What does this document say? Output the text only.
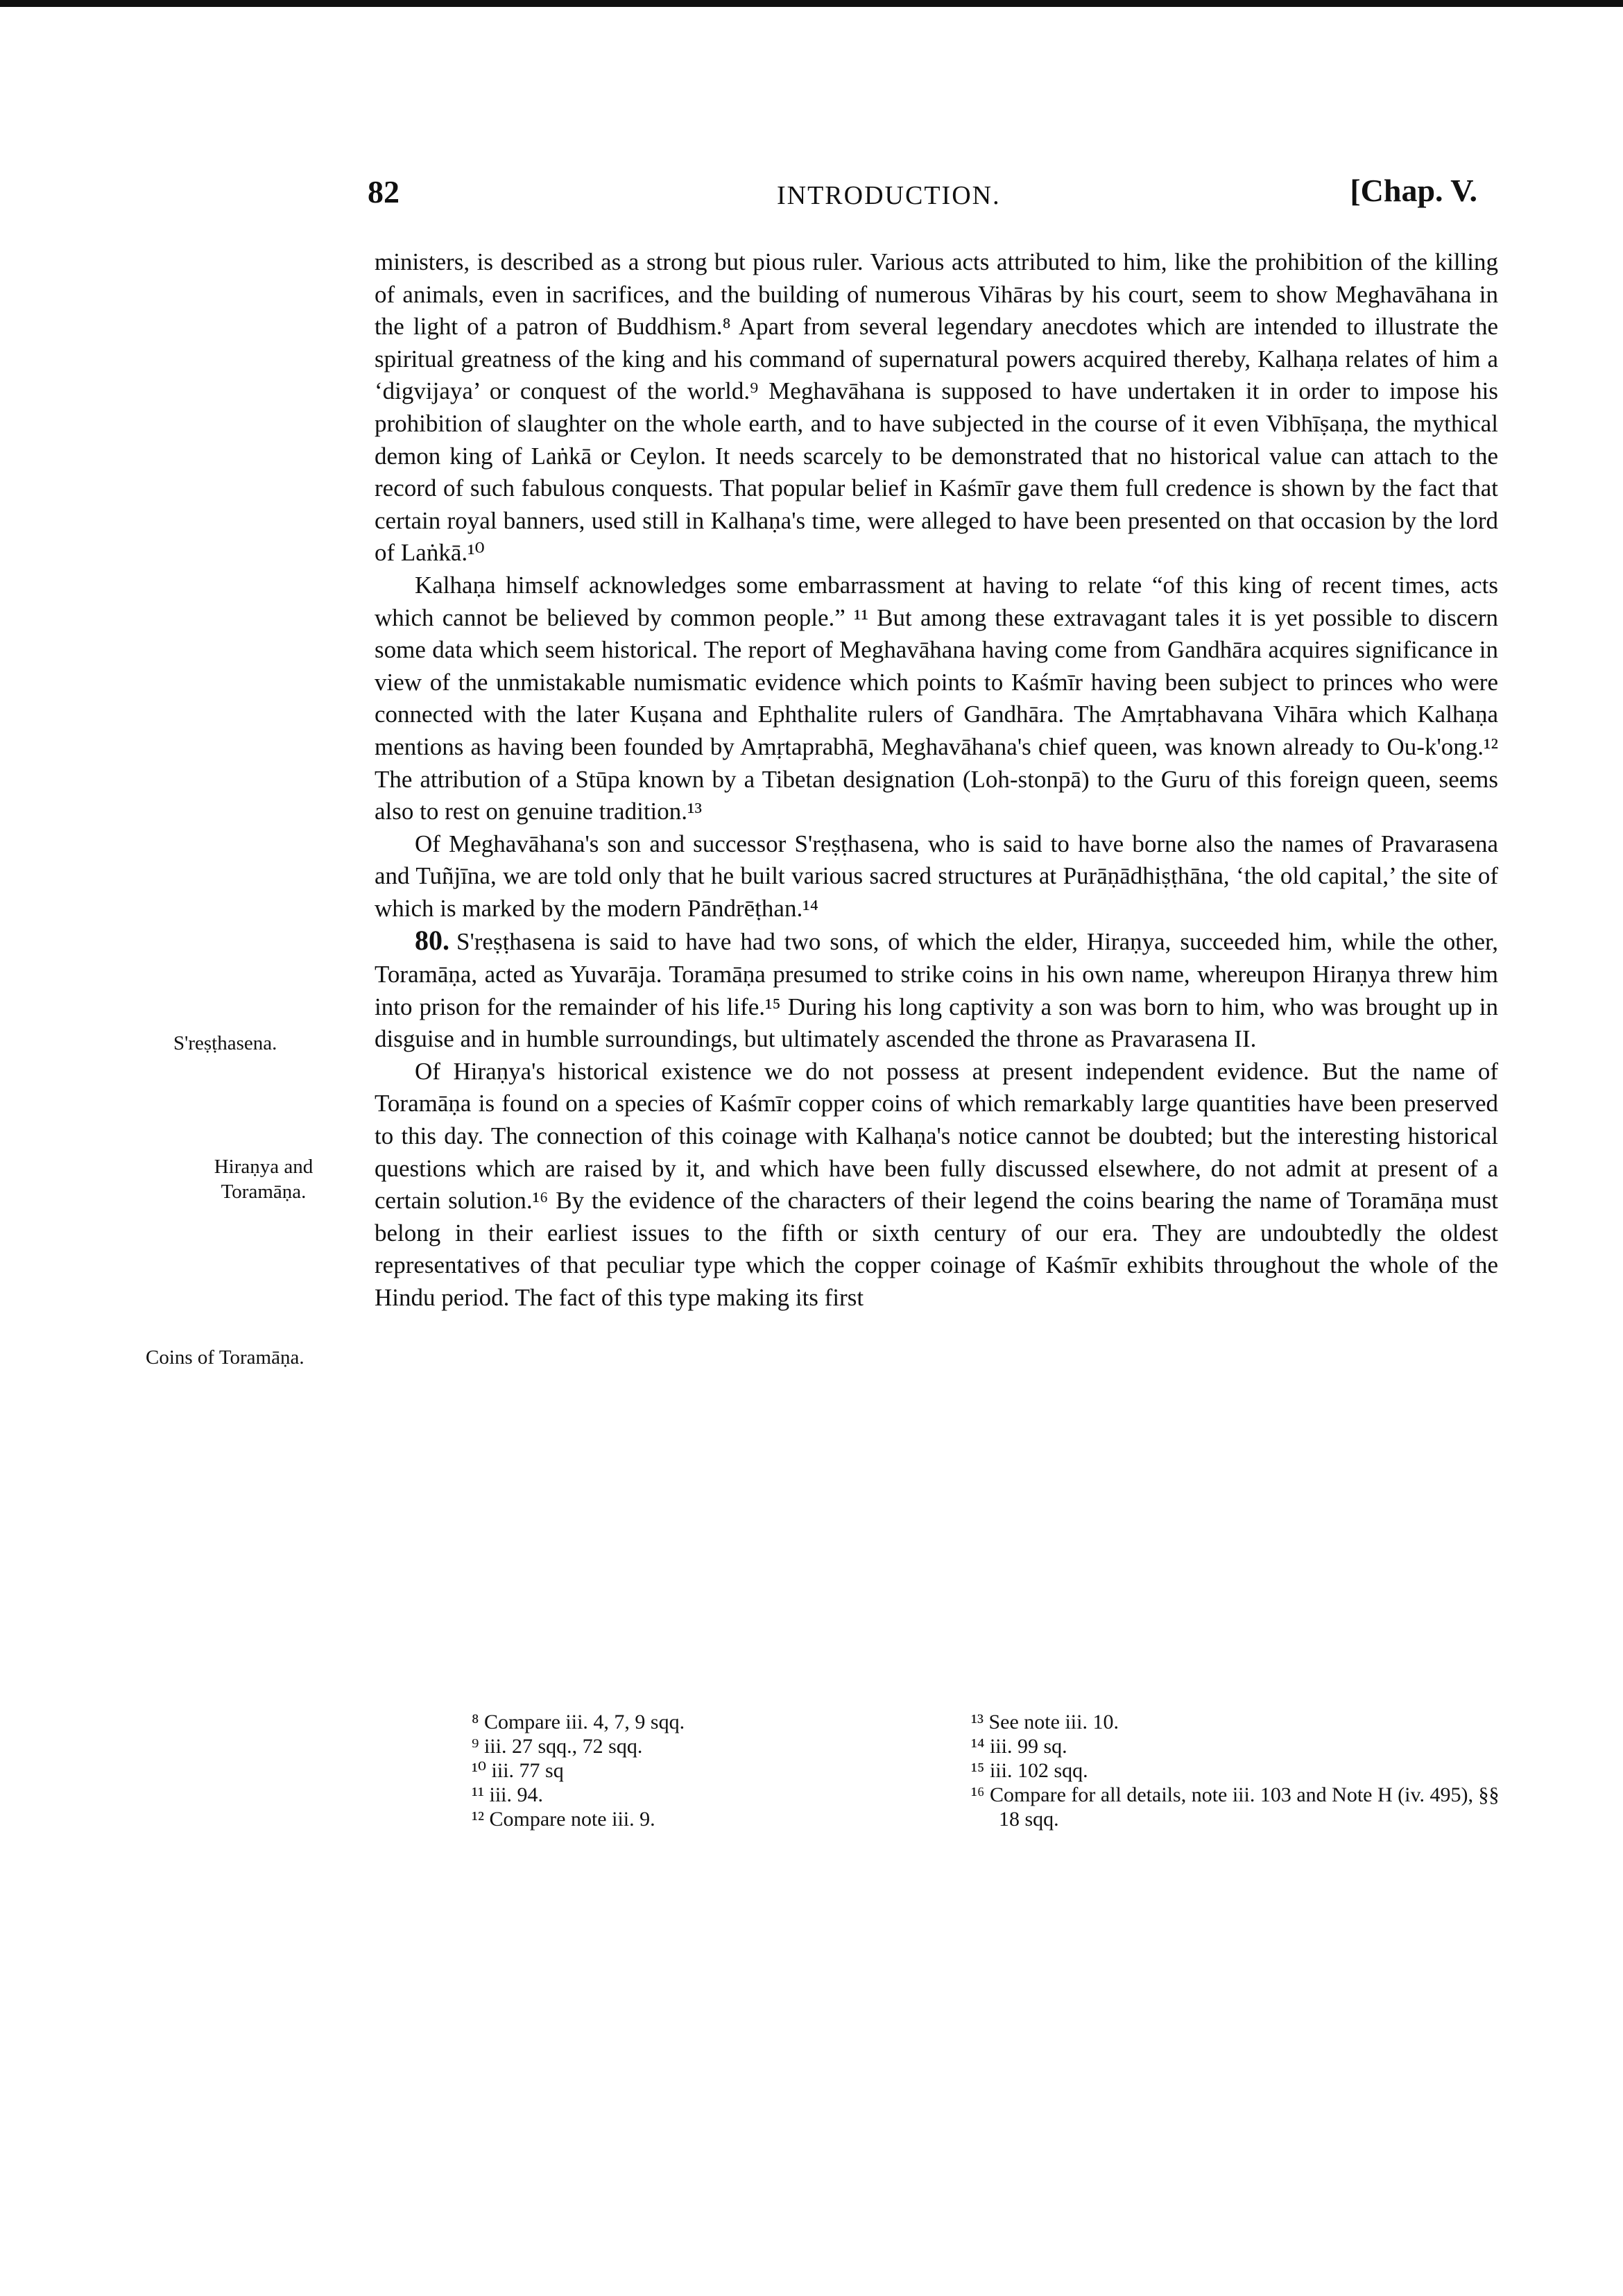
82	INTRODUCTION.	[Chap. V.
S'reṣṭhasena.
Hiraṇya and
Toramāṇa.
Coins of Toramāṇa.

ministers, is described as a strong but pious ruler. Various acts attributed to him, like the prohibition of the killing of animals, even in sacrifices, and the building of numerous Vihāras by his court, seem to show Meghavāhana in the light of a patron of Buddhism.⁸ Apart from several legendary anecdotes which are intended to illustrate the spiritual greatness of the king and his command of supernatural powers acquired thereby, Kalhaṇa relates of him a ‘digvijaya’ or conquest of the world.⁹ Meghavāhana is supposed to have undertaken it in order to impose his prohibition of slaughter on the whole earth, and to have subjected in the course of it even Vibhīṣaṇa, the mythical demon king of Laṅkā or Ceylon. It needs scarcely to be demonstrated that no historical value can attach to the record of such fabulous conquests. That popular belief in Kaśmīr gave them full credence is shown by the fact that certain royal banners, used still in Kalhaṇa's time, were alleged to have been presented on that occasion by the lord of Laṅkā.¹⁰

Kalhaṇa himself acknowledges some embarrassment at having to relate “of this king of recent times, acts which cannot be believed by common people.” ¹¹ But among these extravagant tales it is yet possible to discern some data which seem historical. The report of Meghavāhana having come from Gandhāra acquires significance in view of the unmistakable numismatic evidence which points to Kaśmīr having been subject to princes who were connected with the later Kuṣana and Ephthalite rulers of Gandhāra. The Amṛtabhavana Vihāra which Kalhaṇa mentions as having been founded by Amṛtaprabhā, Meghavāhana's chief queen, was known already to Ou-k'ong.¹² The attribution of a Stūpa known by a Tibetan designation (Loh-stonpā) to the Guru of this foreign queen, seems also to rest on genuine tradition.¹³

Of Meghavāhana's son and successor S'reṣṭhasena, who is said to have borne also the names of Pravarasena and Tuñjīna, we are told only that he built various sacred structures at Purāṇādhiṣṭhāna, ‘the old capital,’ the site of which is marked by the modern Pāndrēṭhan.¹⁴

80. S'reṣṭhasena is said to have had two sons, of which the elder, Hiraṇya, succeeded him, while the other, Toramāṇa, acted as Yuvarāja. Toramāṇa presumed to strike coins in his own name, whereupon Hiraṇya threw him into prison for the remainder of his life.¹⁵ During his long captivity a son was born to him, who was brought up in disguise and in humble surroundings, but ultimately ascended the throne as Pravarasena II.

Of Hiraṇya's historical existence we do not possess at present independent evidence. But the name of Toramāṇa is found on a species of Kaśmīr copper coins of which remarkably large quantities have been preserved to this day. The connection of this coinage with Kalhaṇa's notice cannot be doubted; but the interesting historical questions which are raised by it, and which have been fully discussed elsewhere, do not admit at present of a certain solution.¹⁶ By the evidence of the characters of their legend the coins bearing the name of Toramāṇa must belong in their earliest issues to the fifth or sixth century of our era. They are undoubtedly the oldest representatives of that peculiar type which the copper coinage of Kaśmīr exhibits throughout the whole of the Hindu period. The fact of this type making its first

⁸ Compare iii. 4, 7, 9 sqq.

⁹ iii. 27 sqq., 72 sqq.

¹⁰ iii. 77 sq

¹¹ iii. 94.

¹² Compare note iii. 9.

¹³ See note iii. 10.

¹⁴ iii. 99 sq.

¹⁵ iii. 102 sqq.

¹⁶ Compare for all details, note iii. 103 and Note H (iv. 495), §§ 18 sqq.
